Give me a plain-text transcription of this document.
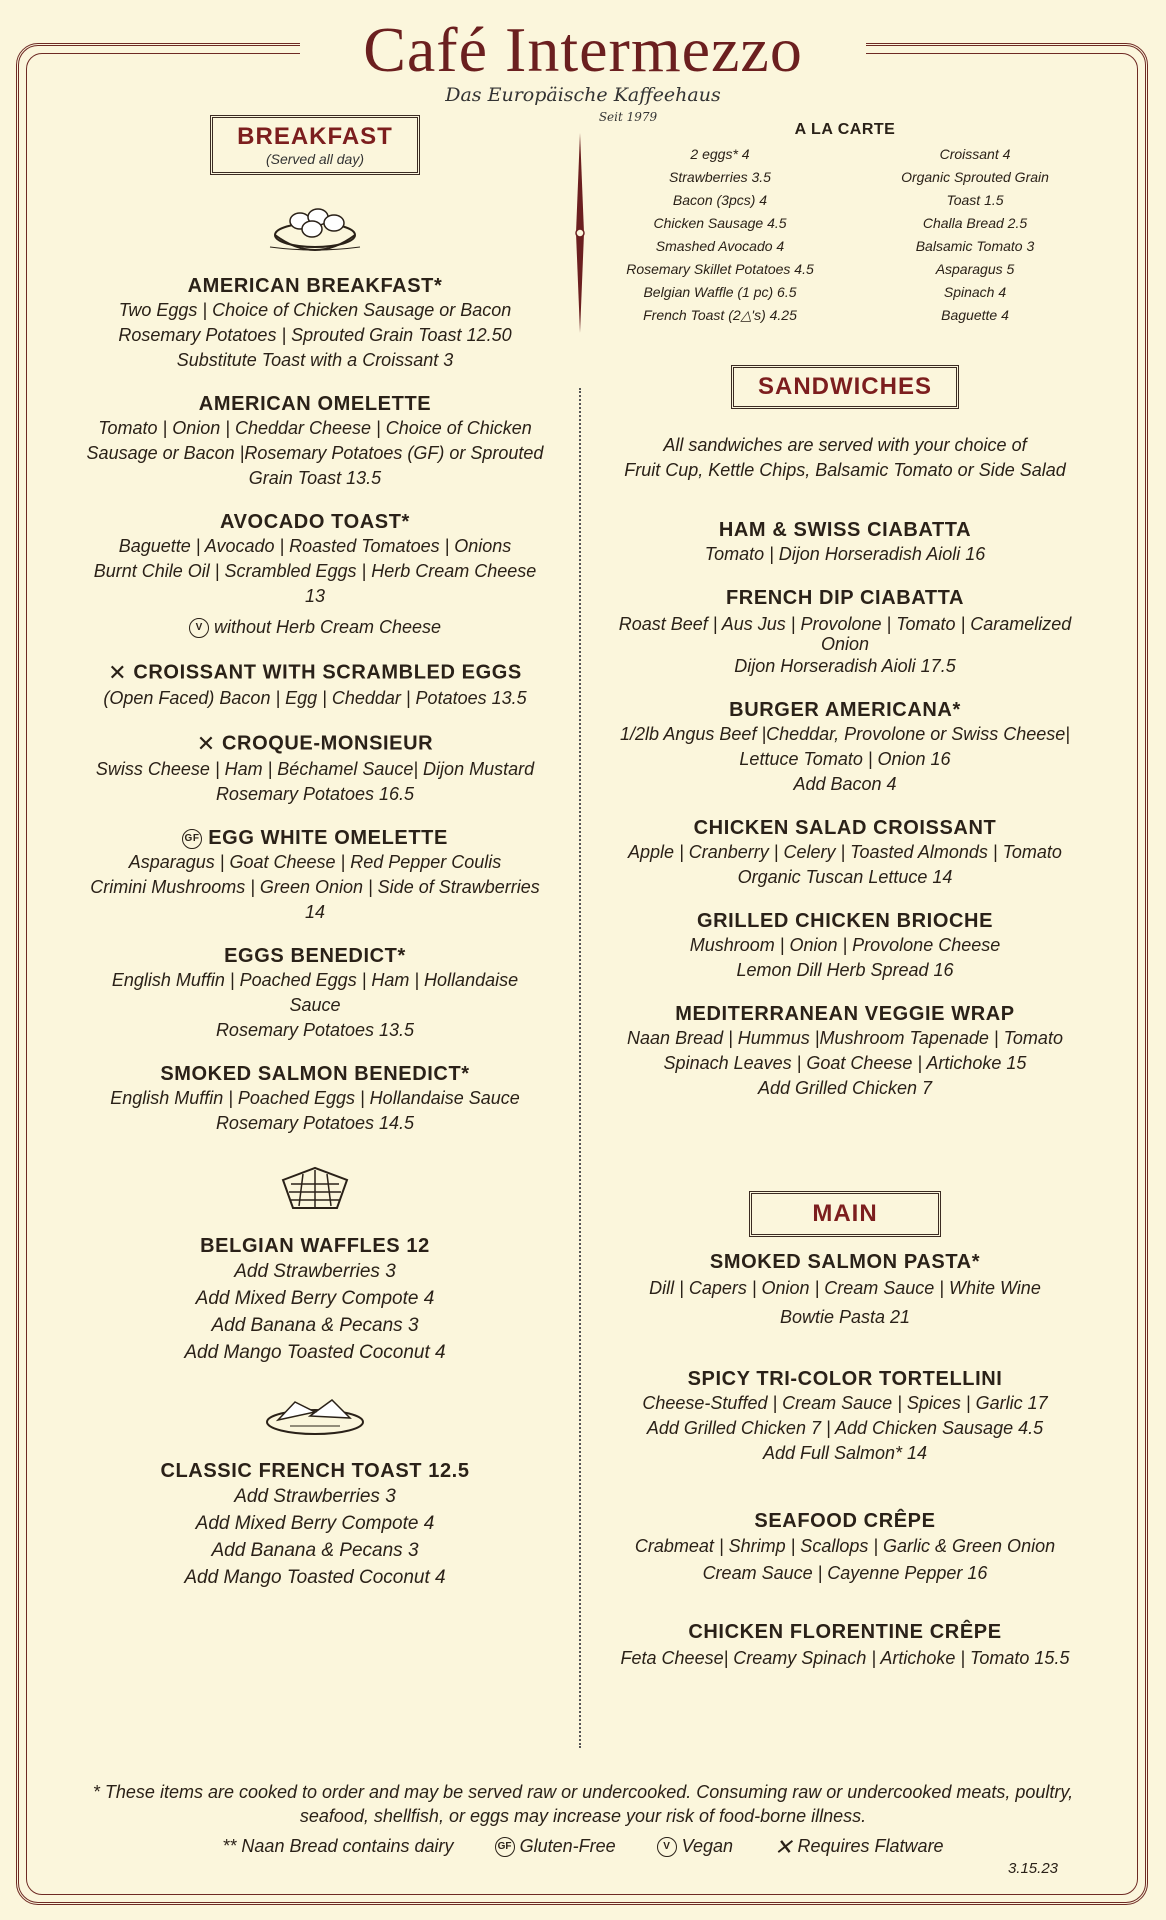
Café Intermezzo
Das Europäische Kaffeehaus
Seit 1979
BREAKFAST
(Served all day)
AMERICAN BREAKFAST*
Two Eggs | Choice of Chicken Sausage or Bacon
Rosemary Potatoes | Sprouted Grain Toast 12.50
Substitute Toast with a Croissant 3
AMERICAN OMELETTE
Tomato | Onion | Cheddar Cheese | Choice of Chicken
Sausage or Bacon |Rosemary Potatoes (GF) or Sprouted
Grain Toast 13.5
AVOCADO TOAST*
Baguette | Avocado | Roasted Tomatoes | Onions
Burnt Chile Oil | Scrambled Eggs | Herb Cream Cheese
13
V without Herb Cream Cheese
✕ CROISSANT WITH SCRAMBLED EGGS
(Open Faced) Bacon | Egg | Cheddar | Potatoes 13.5
✕ CROQUE-MONSIEUR
Swiss Cheese | Ham | Béchamel Sauce| Dijon Mustard
Rosemary Potatoes 16.5
GF EGG WHITE OMELETTE
Asparagus | Goat Cheese | Red Pepper Coulis
Crimini Mushrooms | Green Onion | Side of Strawberries
14
EGGS BENEDICT*
English Muffin | Poached Eggs | Ham | Hollandaise
Sauce
Rosemary Potatoes 13.5
SMOKED SALMON BENEDICT*
English Muffin | Poached Eggs | Hollandaise Sauce
Rosemary Potatoes 14.5
BELGIAN WAFFLES 12
Add Strawberries 3
Add Mixed Berry Compote 4
Add Banana & Pecans 3
Add Mango Toasted Coconut 4
CLASSIC FRENCH TOAST 12.5
Add Strawberries 3
Add Mixed Berry Compote 4
Add Banana & Pecans 3
Add Mango Toasted Coconut 4
A LA CARTE
2 eggs* 4
Strawberries 3.5
Bacon (3pcs) 4
Chicken Sausage 4.5
Smashed Avocado 4
Rosemary Skillet Potatoes 4.5
Belgian Waffle (1 pc) 6.5
French Toast (2△'s) 4.25
Croissant 4
Organic Sprouted Grain
Toast 1.5
Challa Bread 2.5
Balsamic Tomato 3
Asparagus 5
Spinach 4
Baguette 4
SANDWICHES
All sandwiches are served with your choice of
Fruit Cup, Kettle Chips, Balsamic Tomato or Side Salad
HAM & SWISS CIABATTA
Tomato | Dijon Horseradish Aioli 16
FRENCH DIP CIABATTA
Roast Beef | Aus Jus | Provolone | Tomato | Caramelized
Onion
Dijon Horseradish Aioli 17.5
BURGER AMERICANA*
1/2lb Angus Beef |Cheddar, Provolone or Swiss Cheese|
Lettuce Tomato | Onion 16
Add Bacon 4
CHICKEN SALAD CROISSANT
Apple | Cranberry | Celery | Toasted Almonds | Tomato
Organic Tuscan Lettuce 14
GRILLED CHICKEN BRIOCHE
Mushroom | Onion | Provolone Cheese
Lemon Dill Herb Spread 16
MEDITERRANEAN VEGGIE WRAP
Naan Bread | Hummus |Mushroom Tapenade | Tomato
Spinach Leaves | Goat Cheese | Artichoke 15
Add Grilled Chicken 7
MAIN
SMOKED SALMON PASTA*
Dill | Capers | Onion | Cream Sauce | White Wine
Bowtie Pasta 21
SPICY TRI-COLOR TORTELLINI
Cheese-Stuffed | Cream Sauce | Spices | Garlic 17
Add Grilled Chicken 7 | Add Chicken Sausage 4.5
Add Full Salmon* 14
SEAFOOD CRÊPE
Crabmeat | Shrimp | Scallops | Garlic & Green Onion
Cream Sauce | Cayenne Pepper 16
CHICKEN FLORENTINE CRÊPE
Feta Cheese| Creamy Spinach | Artichoke | Tomato 15.5
* These items are cooked to order and may be served raw or undercooked. Consuming raw or undercooked meats, poultry,
seafood, shellfish, or eggs may increase your risk of food-borne illness.
** Naan Bread contains dairy	GF Gluten-Free	V Vegan ✕ Requires Flatware
3.15.23
